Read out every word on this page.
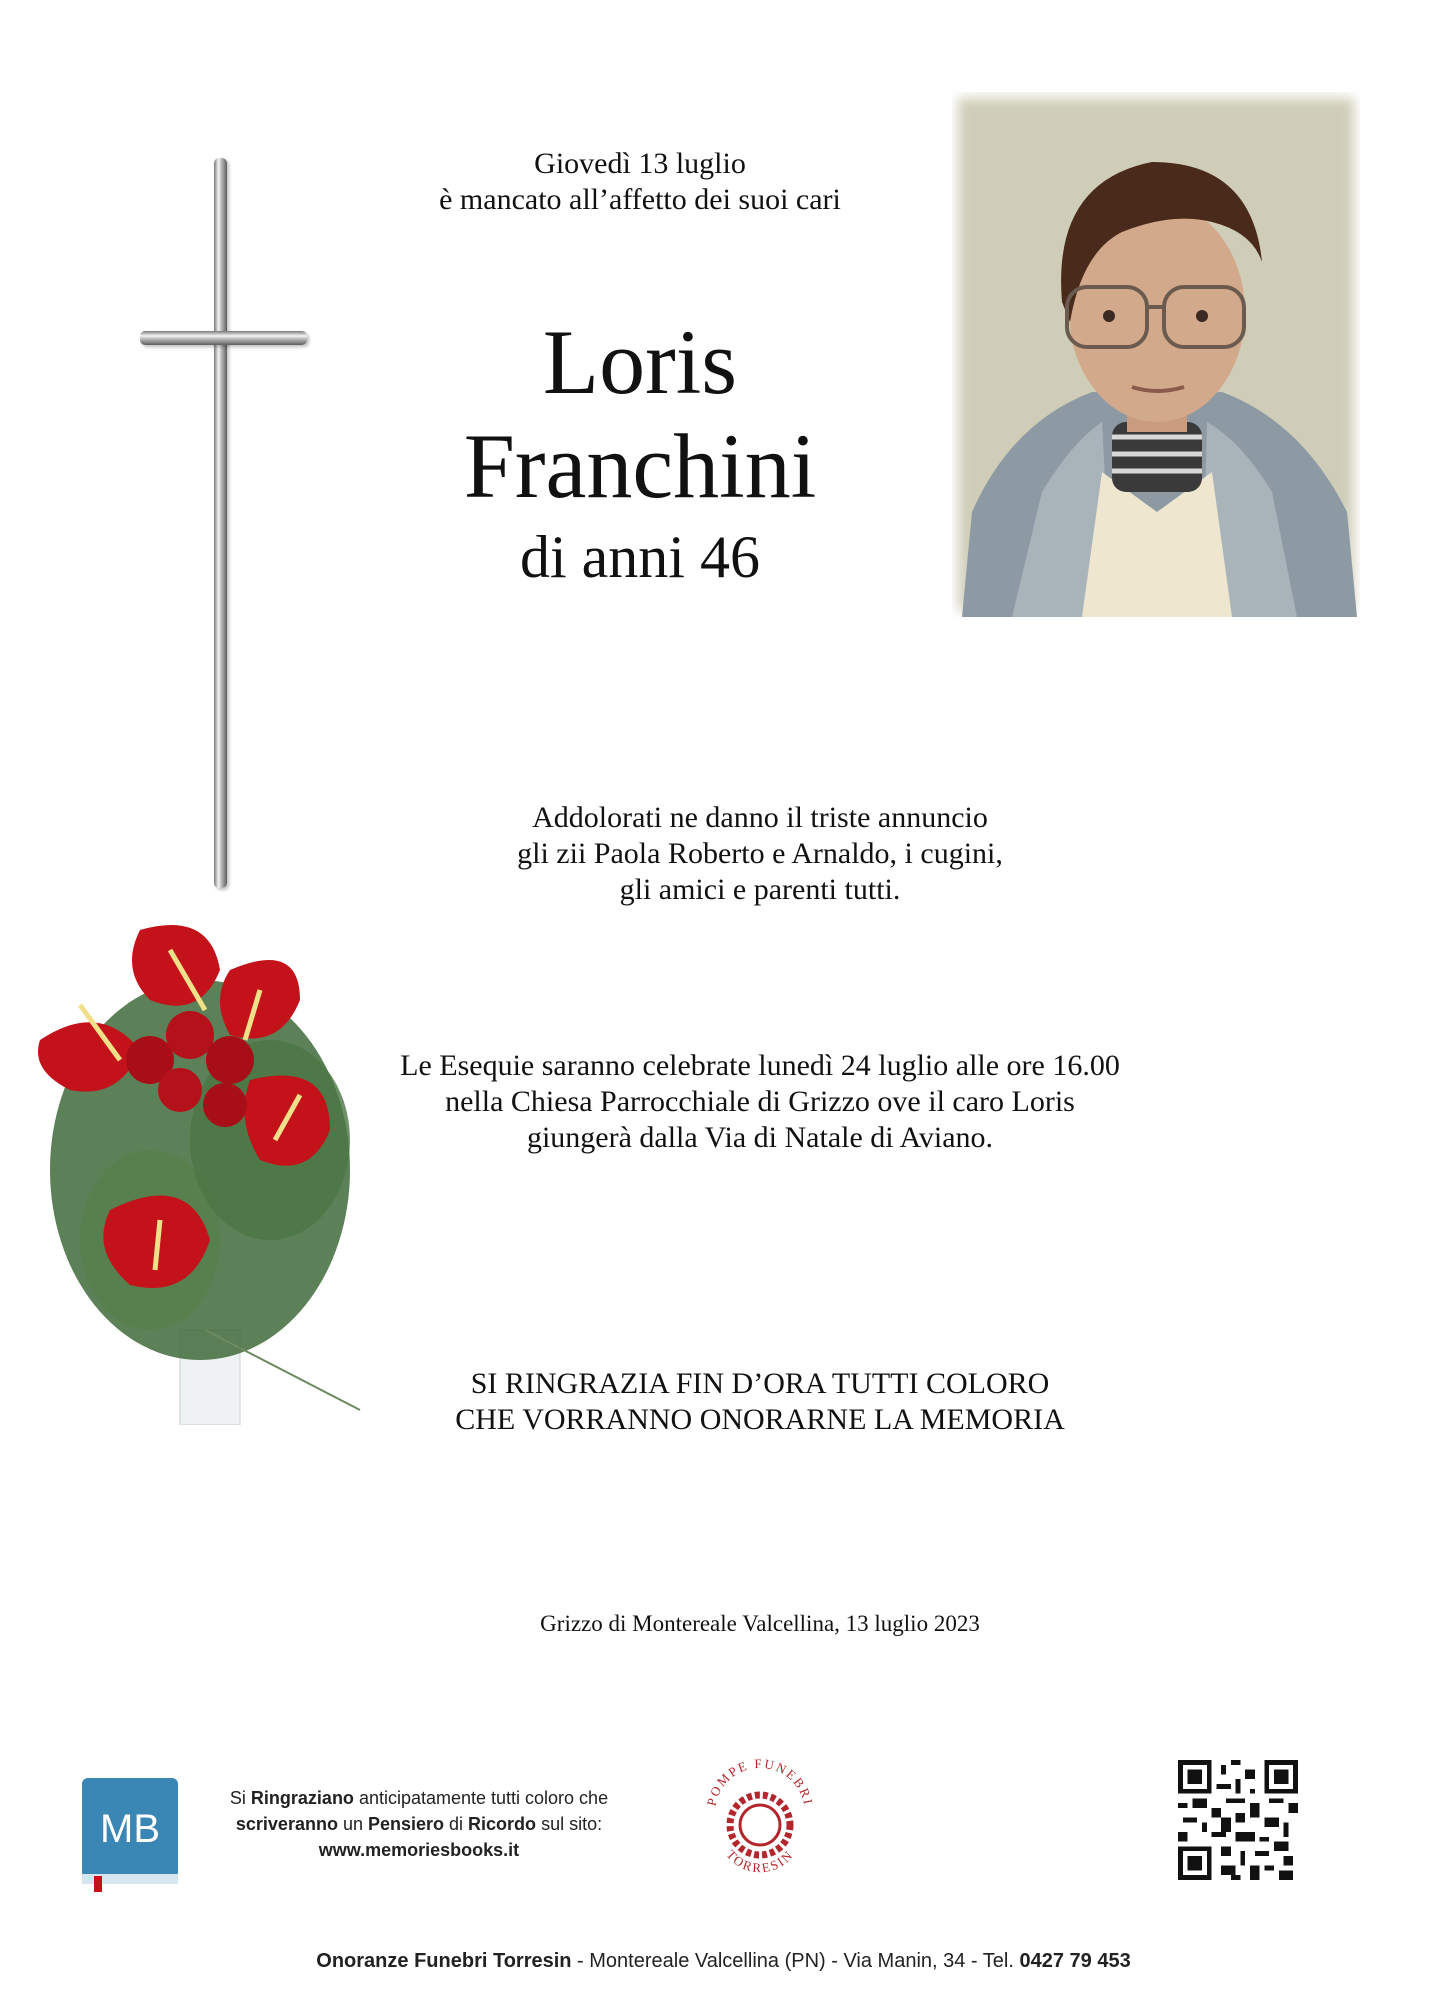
Giovedì 13 luglio
è mancato all’affetto dei suoi cari
Loris
Franchini
di anni 46
Addolorati ne danno il triste annuncio
gli zii Paola Roberto e Arnaldo, i cugini,
gli amici e parenti tutti.
Le Esequie saranno celebrate lunedì 24 luglio alle ore 16.00
nella Chiesa Parrocchiale di Grizzo ove il caro Loris
giungerà dalla Via di Natale di Aviano.
SI RINGRAZIA FIN D’ORA TUTTI COLORO
CHE VORRANNO ONORARNE LA MEMORIA
Grizzo di Montereale Valcellina, 13 luglio 2023
MB
Si Ringraziano anticipatamente tutti coloro che
scriveranno un Pensiero di Ricordo sul sito:
www.memoriesbooks.it
POMPE FUNEBRI
TORRESIN
Onoranze Funebri Torresin - Montereale Valcellina (PN) - Via Manin, 34 - Tel. 0427 79 453
